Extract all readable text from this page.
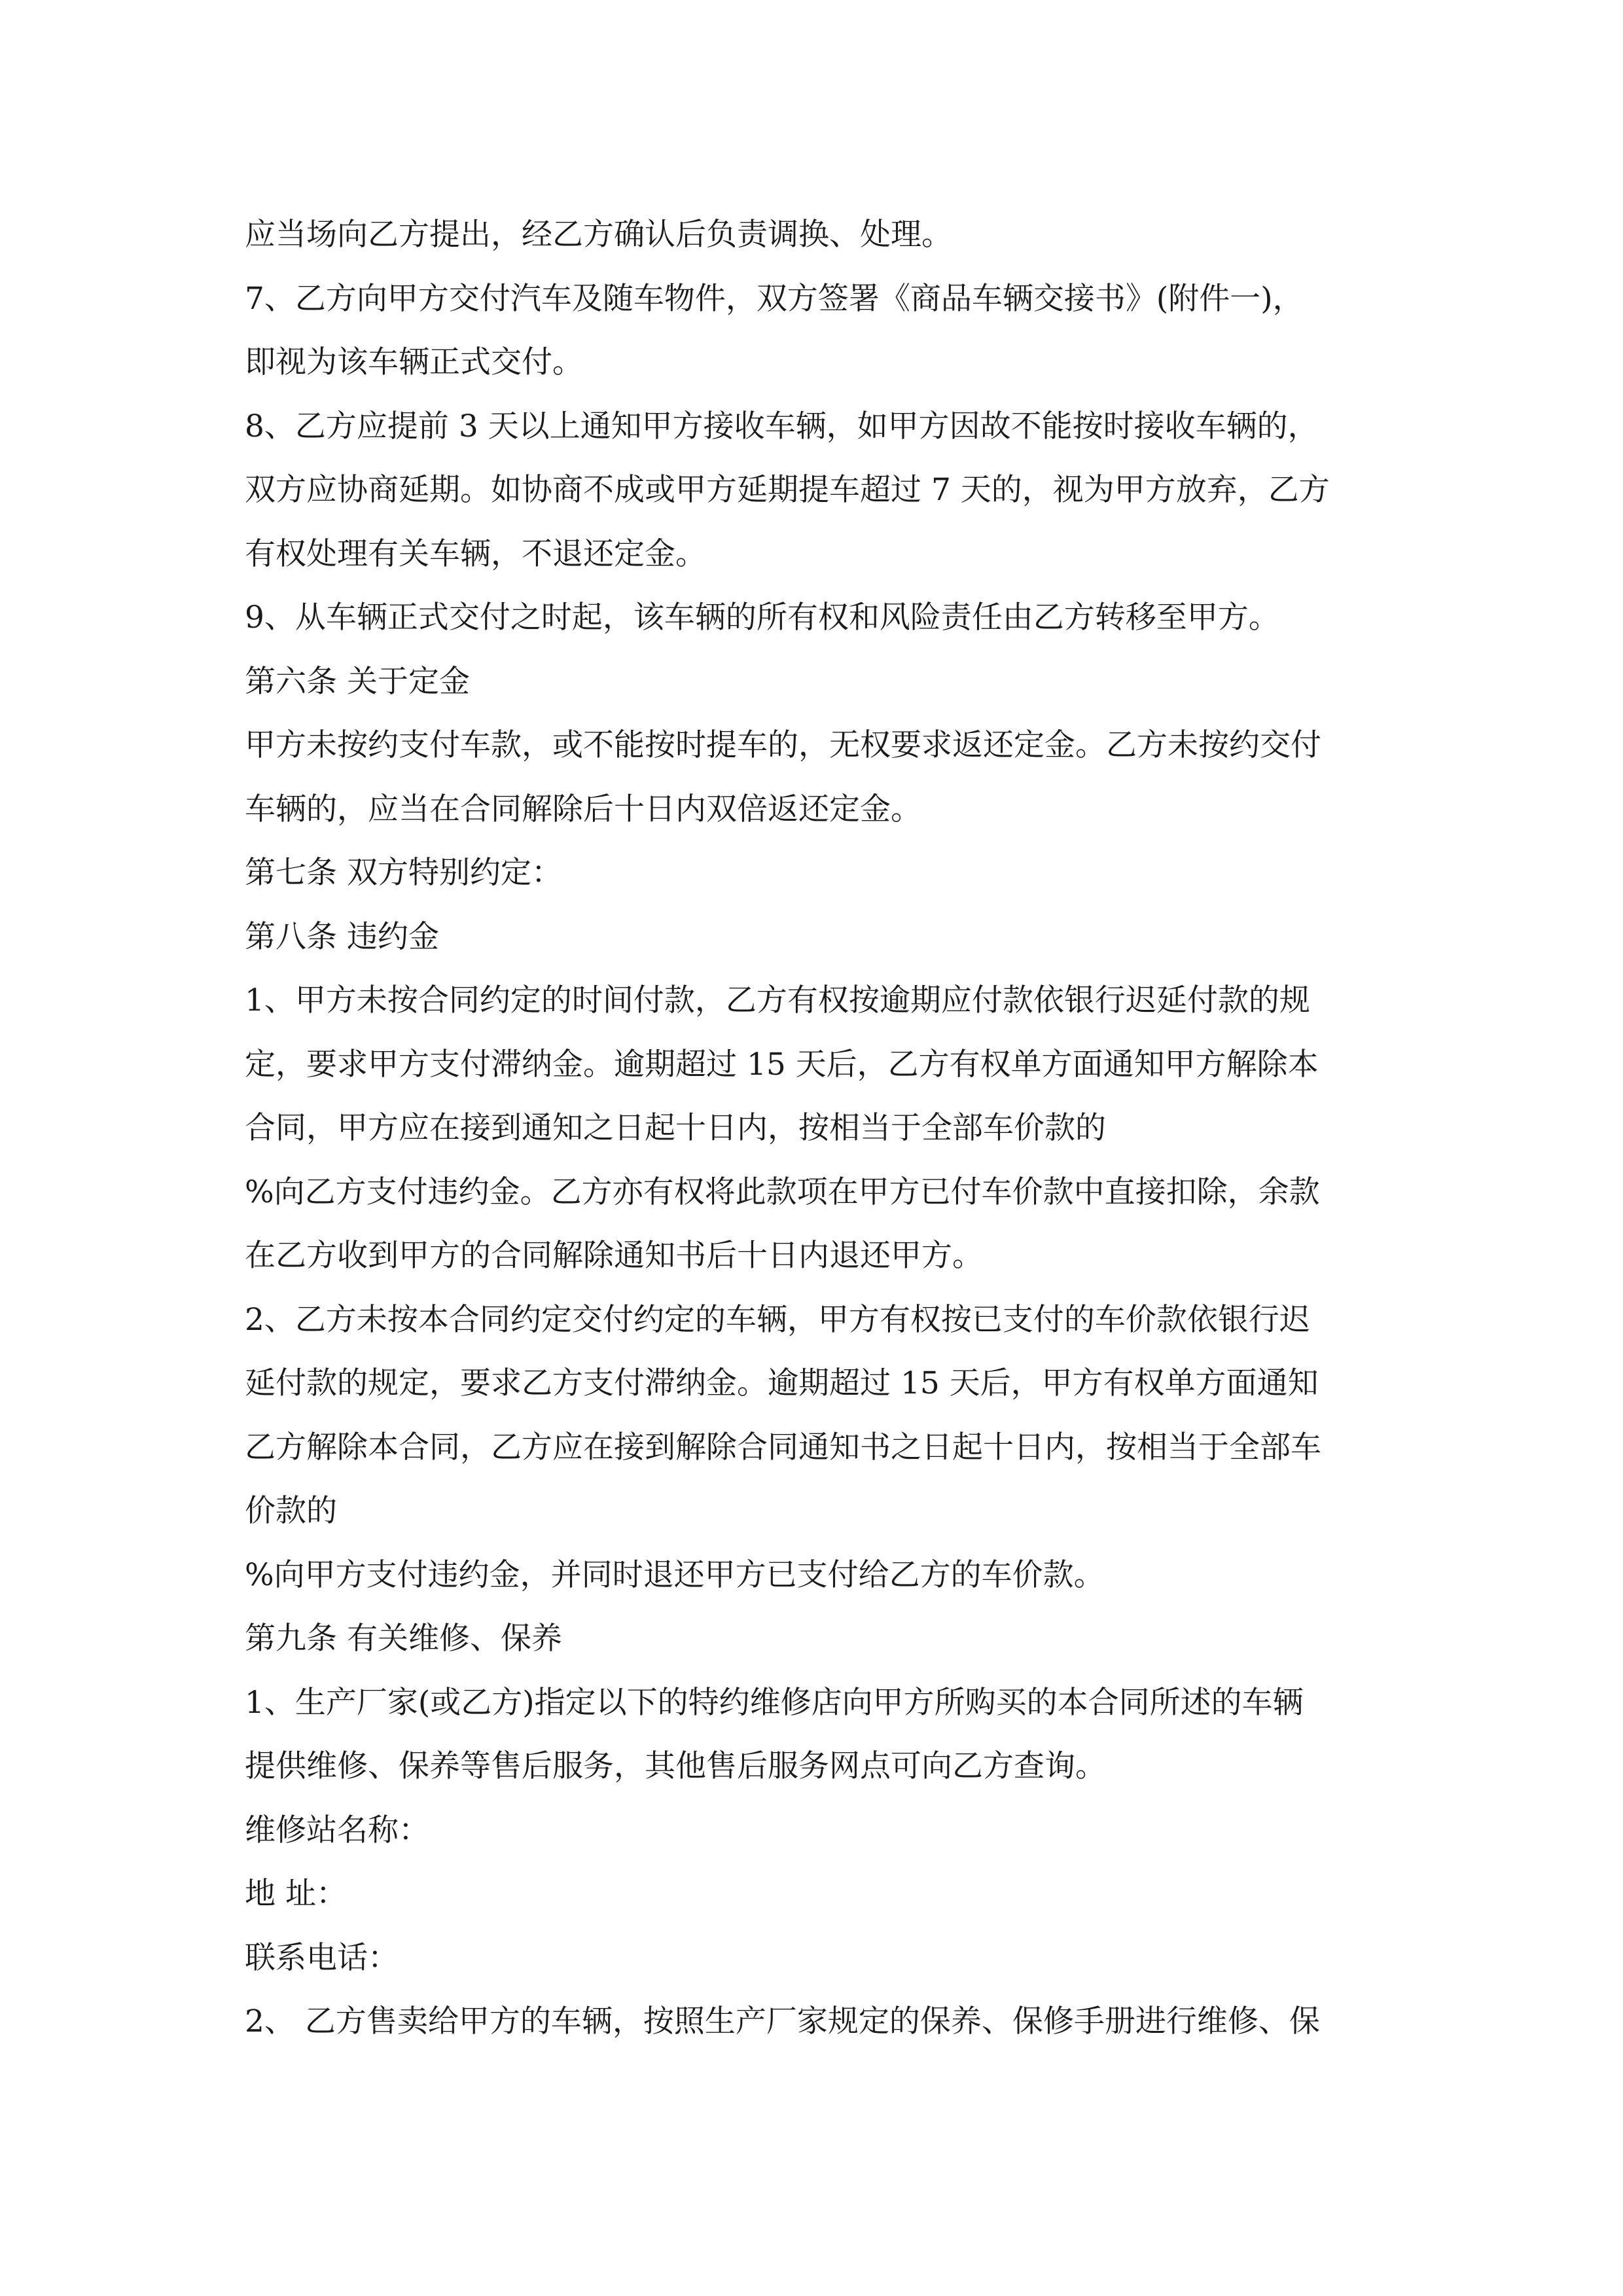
应当场向乙方提出，经乙方确认后负责调换、处理。
7、乙方向甲方交付汽车及随车物件，双方签署《商品车辆交接书》(附件一)，
即视为该车辆正式交付。
8、乙方应提前 3 天以上通知甲方接收车辆，如甲方因故不能按时接收车辆的，
双方应协商延期。如协商不成或甲方延期提车超过 7 天的，视为甲方放弃，乙方
有权处理有关车辆，不退还定金。
9、从车辆正式交付之时起，该车辆的所有权和风险责任由乙方转移至甲方。
第六条 关于定金
甲方未按约支付车款，或不能按时提车的，无权要求返还定金。乙方未按约交付
车辆的，应当在合同解除后十日内双倍返还定金。
第七条 双方特别约定：
第八条 违约金
1、甲方未按合同约定的时间付款，乙方有权按逾期应付款依银行迟延付款的规
定，要求甲方支付滞纳金。逾期超过 15 天后，乙方有权单方面通知甲方解除本
合同，甲方应在接到通知之日起十日内，按相当于全部车价款的
%向乙方支付违约金。乙方亦有权将此款项在甲方已付车价款中直接扣除，余款
在乙方收到甲方的合同解除通知书后十日内退还甲方。
2、乙方未按本合同约定交付约定的车辆，甲方有权按已支付的车价款依银行迟
延付款的规定，要求乙方支付滞纳金。逾期超过 15 天后，甲方有权单方面通知
乙方解除本合同，乙方应在接到解除合同通知书之日起十日内，按相当于全部车
价款的
%向甲方支付违约金，并同时退还甲方已支付给乙方的车价款。
第九条 有关维修、保养
1、生产厂家(或乙方)指定以下的特约维修店向甲方所购买的本合同所述的车辆
提供维修、保养等售后服务，其他售后服务网点可向乙方查询。
维修站名称：
地 址：
联系电话：
2、 乙方售卖给甲方的车辆，按照生产厂家规定的保养、保修手册进行维修、保
